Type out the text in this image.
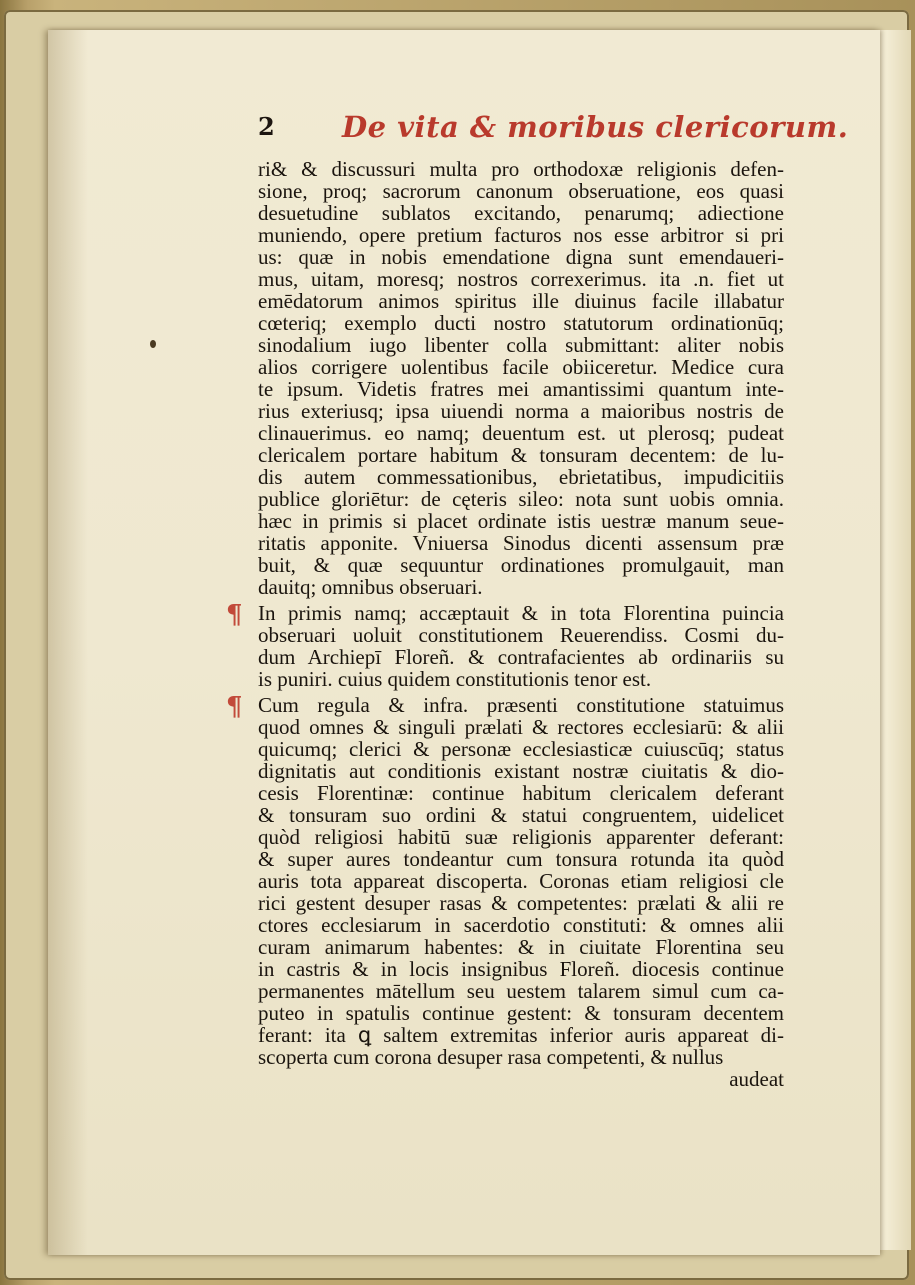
2 De vita & moribus clericorum.
ri& & discussuri multa pro orthodoxæ religionis defen-
sione, proq; sacrorum canonum obseruatione, eos quasi
desuetudine sublatos excitando, penarumq; adiectione
muniendo, opere pretium facturos nos esse arbitror si pri
us: quæ in nobis emendatione digna sunt emendaueri-
mus, uitam, moresq; nostros correxerimus. ita .n. fiet ut
emēdatorum animos spiritus ille diuinus facile illabatur
cœteriq; exemplo ducti nostro statutorum ordinationūq;
sinodalium iugo libenter colla submittant: aliter nobis
alios corrigere uolentibus facile obiiceretur. Medice cura
te ipsum. Videtis fratres mei amantissimi quantum inte-
rius exteriusq; ipsa uiuendi norma a maioribus nostris de
clinauerimus. eo namq; deuentum est. ut plerosq; pudeat
clericalem portare habitum & tonsuram decentem: de lu-
dis autem commessationibus, ebrietatibus, impudicitiis
publice gloriētur: de cęteris sileo: nota sunt uobis omnia.
hæc in primis si placet ordinate istis uestræ manum seue-
ritatis apponite. Vniuersa Sinodus dicenti assensum præ
buit, & quæ sequuntur ordinationes promulgauit, man
dauitq; omnibus obseruari.
¶ In primis namq; accæptauit & in tota Florentina puincia
obseruari uoluit constitutionem Reuerendiss. Cosmi du-
dum Archiepī Floreñ. & contrafacientes ab ordinariis su
is puniri. cuius quidem constitutionis tenor est.
¶ Cum regula & infra. præsenti constitutione statuimus
quod omnes & singuli prælati & rectores ecclesiarū: & alii
quicumq; clerici & personæ ecclesiasticæ cuiuscūq; status
dignitatis aut conditionis existant nostræ ciuitatis & dio-
cesis Florentinæ: continue habitum clericalem deferant
& tonsuram suo ordini & statui congruentem, uidelicet
quòd religiosi habitū suæ religionis apparenter deferant:
& super aures tondeantur cum tonsura rotunda ita quòd
auris tota appareat discoperta. Coronas etiam religiosi cle
rici gestent desuper rasas & competentes: prælati & alii re
ctores ecclesiarum in sacerdotio constituti: & omnes alii
curam animarum habentes: & in ciuitate Florentina seu
in castris & in locis insignibus Floreñ. diocesis continue
permanentes mātellum seu uestem talarem simul cum ca-
puteo in spatulis continue gestent: & tonsuram decentem
ferant: ita ꝗ saltem extremitas inferior auris appareat di-
scoperta cum corona desuper rasa competenti, & nullus
audeat
